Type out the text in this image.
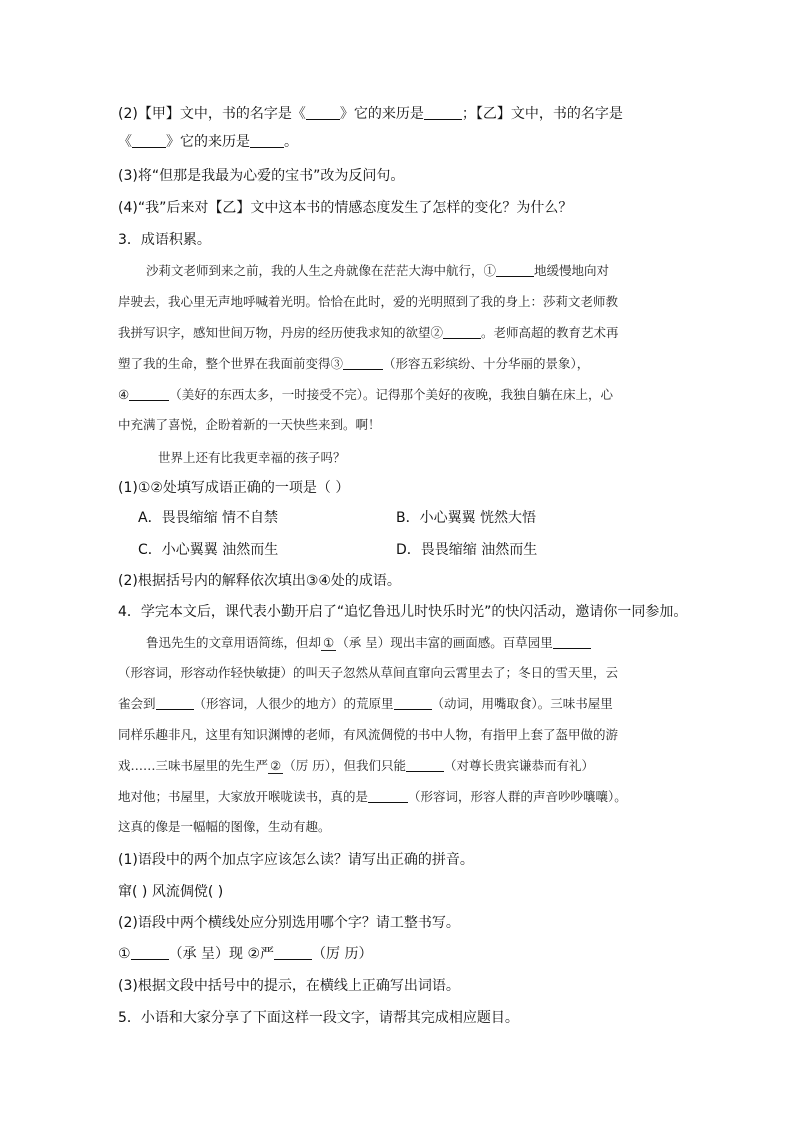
(2)【甲】文中，书的名字是《 》它的来历是	；【乙】文中，书的名字是
《 》它的来历是 。
(3)将“但那是我最为心爱的宝书”改为反问句。
(4)“我”后来对【乙】文中这本书的情感态度发生了怎样的变化？为什么？
3．成语积累。
沙莉文老师到来之前，我的人生之舟就像在茫茫大海中航行，①	地缓慢地向对
岸驶去，我心里无声地呼喊着光明。恰恰在此时，爱的光明照到了我的身上：莎莉文老师教
我拼写识字，感知世间万物，丹房的经历使我求知的欲望②	。老师高超的教育艺术再
塑了我的生命，整个世界在我面前变得③	（形容五彩缤纷、十分华丽的景象），
④	（美好的东西太多，一时接受不完）。记得那个美好的夜晚，我独自躺在床上，心
中充满了喜悦，企盼着新的一天快些来到。啊！
世界上还有比我更幸福的孩子吗？
(1)①②处填写成语正确的一项是（ ）
A．畏畏缩缩 情不自禁	B．小心翼翼 恍然大悟
C．小心翼翼 油然而生	D．畏畏缩缩 油然而生
(2)根据括号内的解释依次填出③④处的成语。
4．学完本文后，课代表小勤开启了“追忆鲁迅儿时快乐时光”的快闪活动，邀请你一同参加。
鲁迅先生的文章用语简练，但却 ① （承 呈）现出丰富的画面感。百草园里
（形容词，形容动作轻快敏捷）的叫天子忽然从草间直窜向云霄里去了；冬日的雪天里，云
雀会到	（形容词，人很少的地方）的荒原里	（动词，用嘴取食）。三味书屋里
同样乐趣非凡，这里有知识渊博的老师，有风流倜傥的书中人物，有指甲上套了盔甲做的游
戏……三味书屋里的先生严 ② （厉 历），但我们只能	（对尊长贵宾谦恭而有礼）
地对他；书屋里，大家放开喉咙读书，真的是	（形容词，形容人群的声音吵吵嚷嚷）。
这真的像是一幅幅的图像，生动有趣。
(1)语段中的两个加点字应该怎么读？请写出正确的拼音。
窜( ) 风流倜傥( )
(2)语段中两个横线处应分别选用哪个字？请工整书写。
①	（承 呈）现 ②严	（厉 历）
(3)根据文段中括号中的提示，在横线上正确写出词语。
5．小语和大家分享了下面这样一段文字，请帮其完成相应题目。
